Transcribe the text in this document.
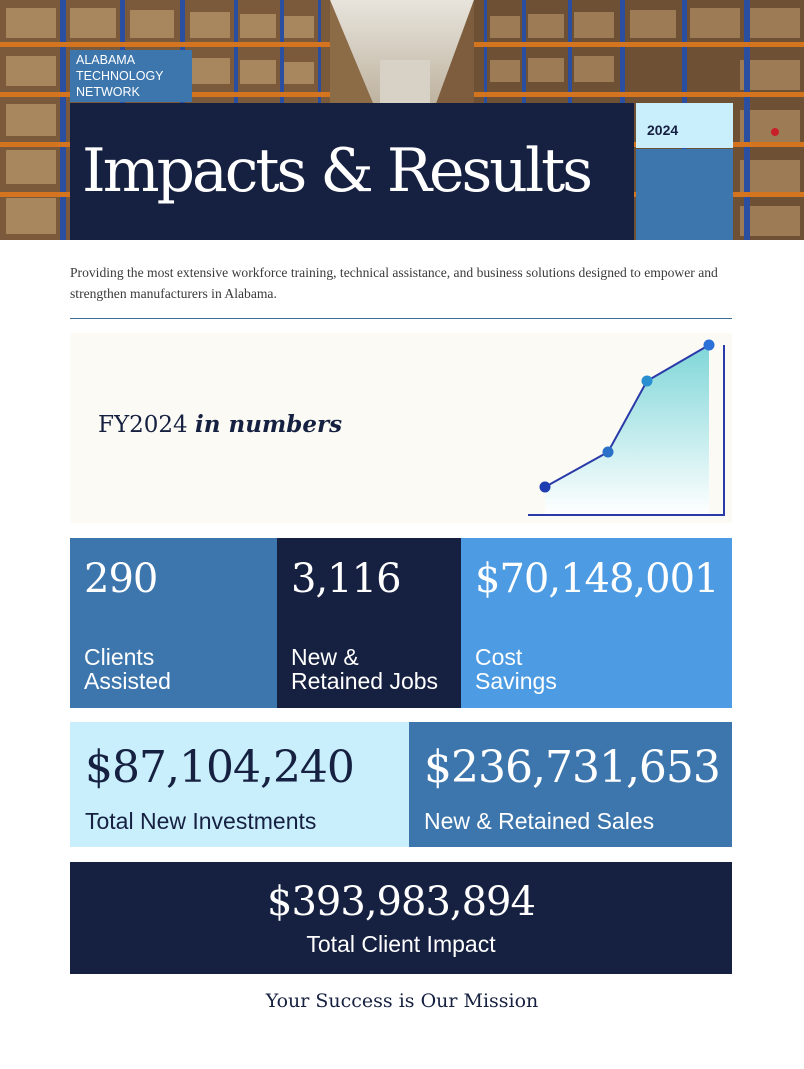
ALABAMA
TECHNOLOGY
NETWORK
Impacts & Results
2024

Providing the most extensive workforce training, technical assistance, and business solutions designed to empower and strengthen manufacturers in Alabama.

FY2024 in numbers
290
Clients
Assisted
3,116
New &
Retained Jobs
$70,148,001
Cost
Savings
$87,104,240
Total New Investments
$236,731,653
New & Retained Sales
$393,983,894
Total Client Impact
Your Success is Our Mission
